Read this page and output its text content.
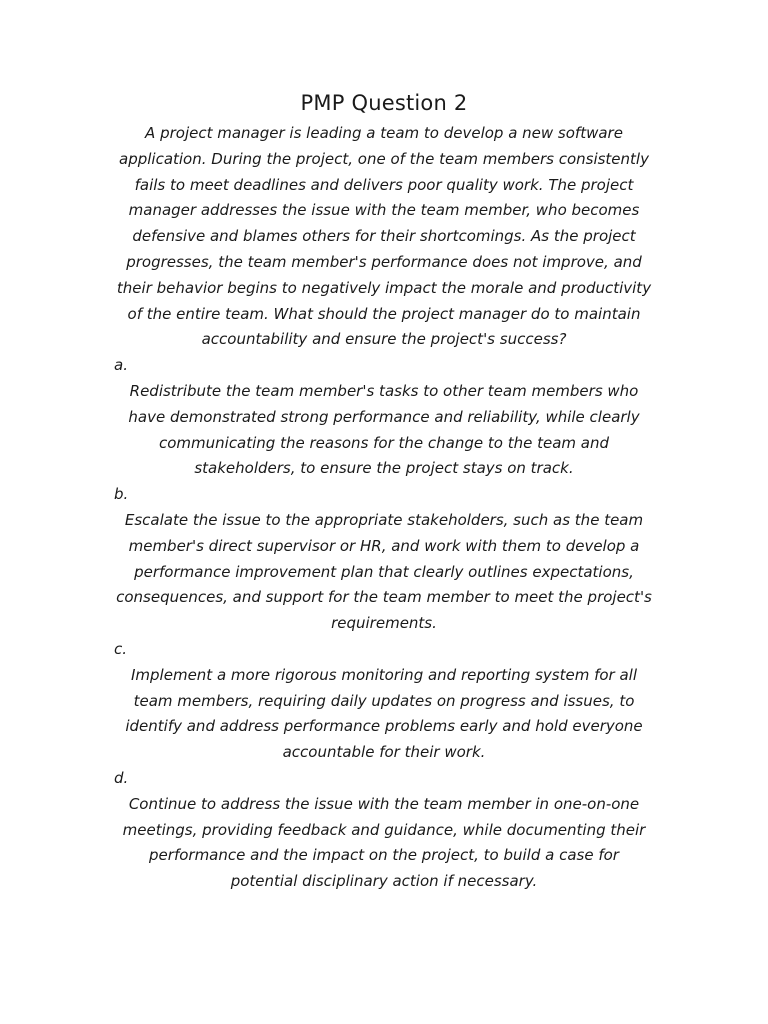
PMP Question 2

A project manager is leading a team to develop a new software application. During the project, one of the team members consistently fails to meet deadlines and delivers poor quality work. The project manager addresses the issue with the team member, who becomes defensive and blames others for their shortcomings. As the project progresses, the team member's performance does not improve, and their behavior begins to negatively impact the morale and productivity of the entire team. What should the project manager do to maintain accountability and ensure the project's success?

a.

Redistribute the team member's tasks to other team members who have demonstrated strong performance and reliability, while clearly communicating the reasons for the change to the team and stakeholders, to ensure the project stays on track.

b.

Escalate the issue to the appropriate stakeholders, such as the team member's direct supervisor or HR, and work with them to develop a performance improvement plan that clearly outlines expectations, consequences, and support for the team member to meet the project's requirements.

c.

Implement a more rigorous monitoring and reporting system for all team members, requiring daily updates on progress and issues, to identify and address performance problems early and hold everyone accountable for their work.

d.

Continue to address the issue with the team member in one-on-one meetings, providing feedback and guidance, while documenting their performance and the impact on the project, to build a case for potential disciplinary action if necessary.
